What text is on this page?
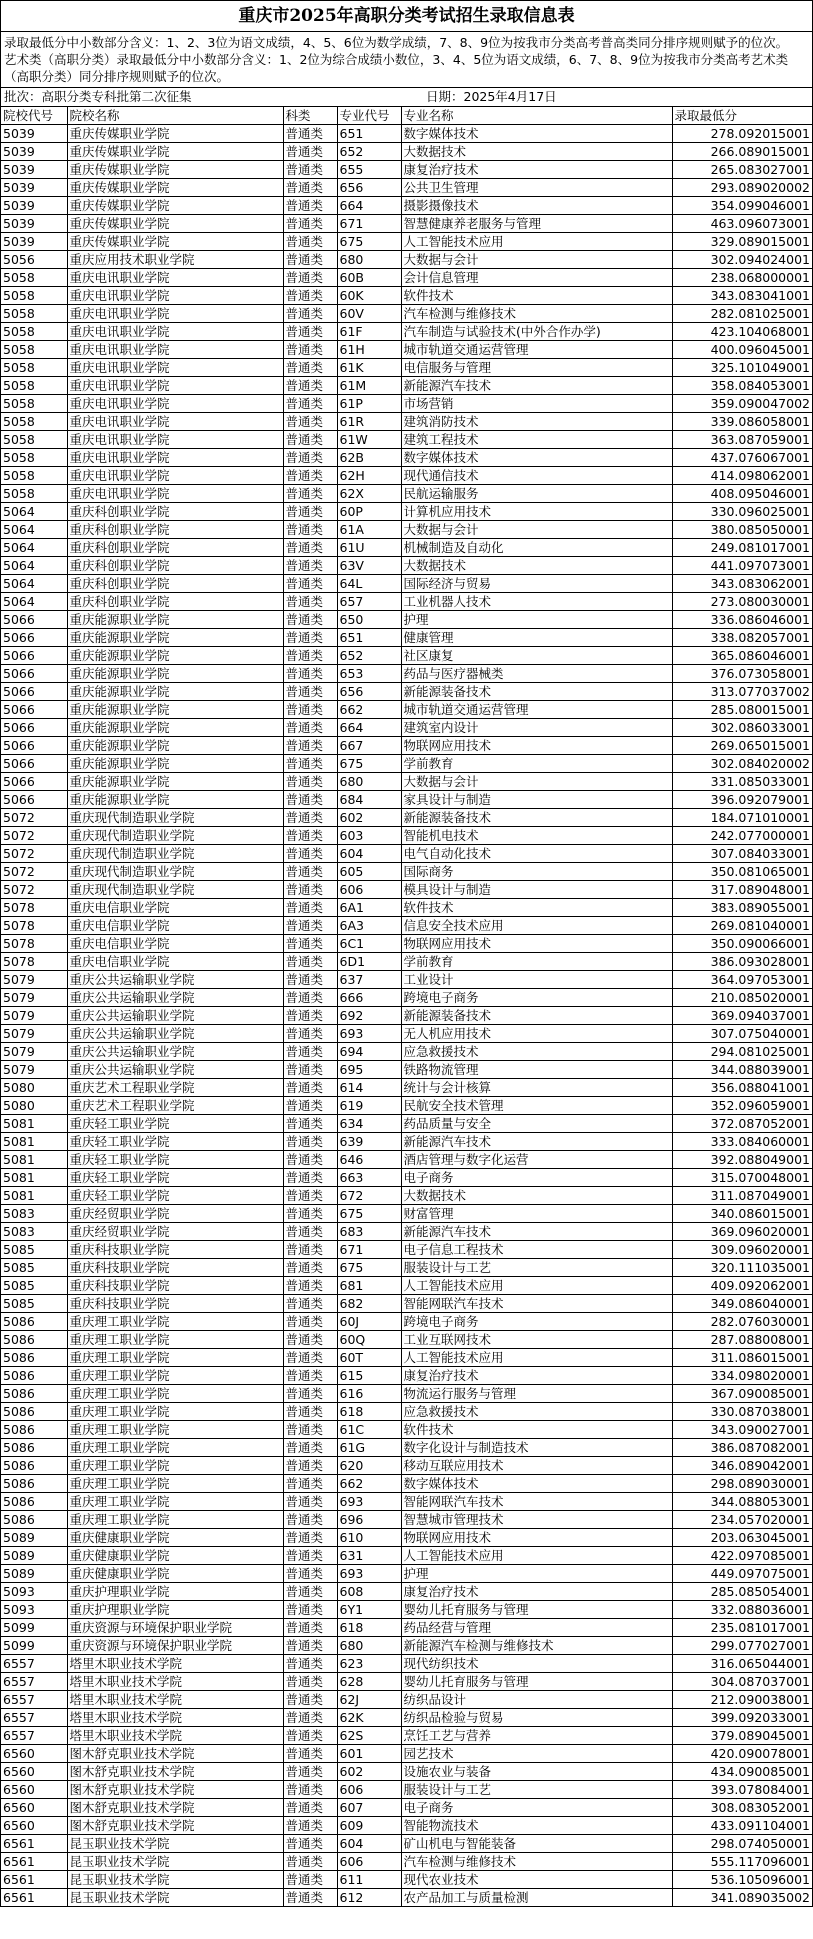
重庆市2025年高职分类考试招生录取信息表
录取最低分中小数部分含义：1、2、3位为语文成绩，4、5、6位为数学成绩，7、8、9位为按我市分类高考普高类同分排序规则赋予的位次。
艺术类（高职分类）录取最低分中小数部分含义：1、2位为综合成绩小数位，3、4、5位为语文成绩，6、7、8、9位为按我市分类高考艺术类（高职分类）同分排序规则赋予的位次。
批次：高职分类专科批第二次征集	日期：2025年4月17日
院校代号	院校名称	科类	专业代号	专业名称	录取最低分
5039	重庆传媒职业学院	普通类	651	数字媒体技术	278.092015001
5039	重庆传媒职业学院	普通类	652	大数据技术	266.089015001
5039	重庆传媒职业学院	普通类	655	康复治疗技术	265.083027001
5039	重庆传媒职业学院	普通类	656	公共卫生管理	293.089020002
5039	重庆传媒职业学院	普通类	664	摄影摄像技术	354.099046001
5039	重庆传媒职业学院	普通类	671	智慧健康养老服务与管理	463.096073001
5039	重庆传媒职业学院	普通类	675	人工智能技术应用	329.089015001
5056	重庆应用技术职业学院	普通类	680	大数据与会计	302.094024001
5058	重庆电讯职业学院	普通类	60B	会计信息管理	238.068000001
5058	重庆电讯职业学院	普通类	60K	软件技术	343.083041001
5058	重庆电讯职业学院	普通类	60V	汽车检测与维修技术	282.081025001
5058	重庆电讯职业学院	普通类	61F	汽车制造与试验技术(中外合作办学)	423.104068001
5058	重庆电讯职业学院	普通类	61H	城市轨道交通运营管理	400.096045001
5058	重庆电讯职业学院	普通类	61K	电信服务与管理	325.101049001
5058	重庆电讯职业学院	普通类	61M	新能源汽车技术	358.084053001
5058	重庆电讯职业学院	普通类	61P	市场营销	359.090047002
5058	重庆电讯职业学院	普通类	61R	建筑消防技术	339.086058001
5058	重庆电讯职业学院	普通类	61W	建筑工程技术	363.087059001
5058	重庆电讯职业学院	普通类	62B	数字媒体技术	437.076067001
5058	重庆电讯职业学院	普通类	62H	现代通信技术	414.098062001
5058	重庆电讯职业学院	普通类	62X	民航运输服务	408.095046001
5064	重庆科创职业学院	普通类	60P	计算机应用技术	330.096025001
5064	重庆科创职业学院	普通类	61A	大数据与会计	380.085050001
5064	重庆科创职业学院	普通类	61U	机械制造及自动化	249.081017001
5064	重庆科创职业学院	普通类	63V	大数据技术	441.097073001
5064	重庆科创职业学院	普通类	64L	国际经济与贸易	343.083062001
5064	重庆科创职业学院	普通类	657	工业机器人技术	273.080030001
5066	重庆能源职业学院	普通类	650	护理	336.086046001
5066	重庆能源职业学院	普通类	651	健康管理	338.082057001
5066	重庆能源职业学院	普通类	652	社区康复	365.086046001
5066	重庆能源职业学院	普通类	653	药品与医疗器械类	376.073058001
5066	重庆能源职业学院	普通类	656	新能源装备技术	313.077037002
5066	重庆能源职业学院	普通类	662	城市轨道交通运营管理	285.080015001
5066	重庆能源职业学院	普通类	664	建筑室内设计	302.086033001
5066	重庆能源职业学院	普通类	667	物联网应用技术	269.065015001
5066	重庆能源职业学院	普通类	675	学前教育	302.084020002
5066	重庆能源职业学院	普通类	680	大数据与会计	331.085033001
5066	重庆能源职业学院	普通类	684	家具设计与制造	396.092079001
5072	重庆现代制造职业学院	普通类	602	新能源装备技术	184.071010001
5072	重庆现代制造职业学院	普通类	603	智能机电技术	242.077000001
5072	重庆现代制造职业学院	普通类	604	电气自动化技术	307.084033001
5072	重庆现代制造职业学院	普通类	605	国际商务	350.081065001
5072	重庆现代制造职业学院	普通类	606	模具设计与制造	317.089048001
5078	重庆电信职业学院	普通类	6A1	软件技术	383.089055001
5078	重庆电信职业学院	普通类	6A3	信息安全技术应用	269.081040001
5078	重庆电信职业学院	普通类	6C1	物联网应用技术	350.090066001
5078	重庆电信职业学院	普通类	6D1	学前教育	386.093028001
5079	重庆公共运输职业学院	普通类	637	工业设计	364.097053001
5079	重庆公共运输职业学院	普通类	666	跨境电子商务	210.085020001
5079	重庆公共运输职业学院	普通类	692	新能源装备技术	369.094037001
5079	重庆公共运输职业学院	普通类	693	无人机应用技术	307.075040001
5079	重庆公共运输职业学院	普通类	694	应急救援技术	294.081025001
5079	重庆公共运输职业学院	普通类	695	铁路物流管理	344.088039001
5080	重庆艺术工程职业学院	普通类	614	统计与会计核算	356.088041001
5080	重庆艺术工程职业学院	普通类	619	民航安全技术管理	352.096059001
5081	重庆轻工职业学院	普通类	634	药品质量与安全	372.087052001
5081	重庆轻工职业学院	普通类	639	新能源汽车技术	333.084060001
5081	重庆轻工职业学院	普通类	646	酒店管理与数字化运营	392.088049001
5081	重庆轻工职业学院	普通类	663	电子商务	315.070048001
5081	重庆轻工职业学院	普通类	672	大数据技术	311.087049001
5083	重庆经贸职业学院	普通类	675	财富管理	340.086015001
5083	重庆经贸职业学院	普通类	683	新能源汽车技术	369.096020001
5085	重庆科技职业学院	普通类	671	电子信息工程技术	309.096020001
5085	重庆科技职业学院	普通类	675	服装设计与工艺	320.111035001
5085	重庆科技职业学院	普通类	681	人工智能技术应用	409.092062001
5085	重庆科技职业学院	普通类	682	智能网联汽车技术	349.086040001
5086	重庆理工职业学院	普通类	60J	跨境电子商务	282.076030001
5086	重庆理工职业学院	普通类	60Q	工业互联网技术	287.088008001
5086	重庆理工职业学院	普通类	60T	人工智能技术应用	311.086015001
5086	重庆理工职业学院	普通类	615	康复治疗技术	334.098020001
5086	重庆理工职业学院	普通类	616	物流运行服务与管理	367.090085001
5086	重庆理工职业学院	普通类	618	应急救援技术	330.087038001
5086	重庆理工职业学院	普通类	61C	软件技术	343.090027001
5086	重庆理工职业学院	普通类	61G	数字化设计与制造技术	386.087082001
5086	重庆理工职业学院	普通类	620	移动互联应用技术	346.089042001
5086	重庆理工职业学院	普通类	662	数字媒体技术	298.089030001
5086	重庆理工职业学院	普通类	693	智能网联汽车技术	344.088053001
5086	重庆理工职业学院	普通类	696	智慧城市管理技术	234.057020001
5089	重庆健康职业学院	普通类	610	物联网应用技术	203.063045001
5089	重庆健康职业学院	普通类	631	人工智能技术应用	422.097085001
5089	重庆健康职业学院	普通类	693	护理	449.097075001
5093	重庆护理职业学院	普通类	608	康复治疗技术	285.085054001
5093	重庆护理职业学院	普通类	6Y1	婴幼儿托育服务与管理	332.088036001
5099	重庆资源与环境保护职业学院	普通类	618	药品经营与管理	235.081017001
5099	重庆资源与环境保护职业学院	普通类	680	新能源汽车检测与维修技术	299.077027001
6557	塔里木职业技术学院	普通类	623	现代纺织技术	316.065044001
6557	塔里木职业技术学院	普通类	628	婴幼儿托育服务与管理	304.087037001
6557	塔里木职业技术学院	普通类	62J	纺织品设计	212.090038001
6557	塔里木职业技术学院	普通类	62K	纺织品检验与贸易	399.092033001
6557	塔里木职业技术学院	普通类	62S	烹饪工艺与营养	379.089045001
6560	图木舒克职业技术学院	普通类	601	园艺技术	420.090078001
6560	图木舒克职业技术学院	普通类	602	设施农业与装备	434.090085001
6560	图木舒克职业技术学院	普通类	606	服装设计与工艺	393.078084001
6560	图木舒克职业技术学院	普通类	607	电子商务	308.083052001
6560	图木舒克职业技术学院	普通类	609	智能物流技术	433.091104001
6561	昆玉职业技术学院	普通类	604	矿山机电与智能装备	298.074050001
6561	昆玉职业技术学院	普通类	606	汽车检测与维修技术	555.117096001
6561	昆玉职业技术学院	普通类	611	现代农业技术	536.105096001
6561	昆玉职业技术学院	普通类	612	农产品加工与质量检测	341.089035002
